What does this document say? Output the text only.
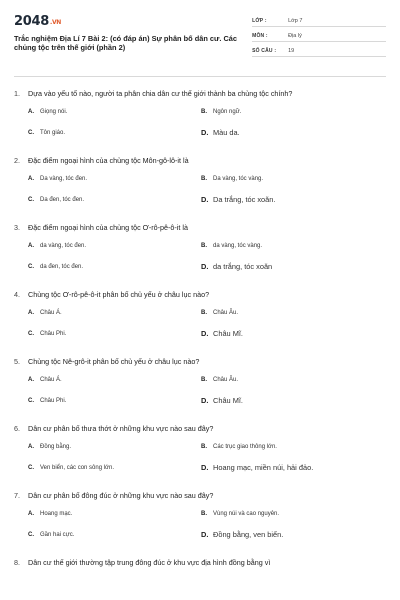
2048.VN
Trắc nghiệm Địa Lí 7 Bài 2: (có đáp án) Sự phân bố dân cư. Các chủng tộc trên thế giới (phần 2)
LỚP :	Lớp 7
MÔN :	Địa lý
SỐ CÂU :	19
1.	Dựa vào yếu tố nào, người ta phân chia dân cư thế giới thành ba chủng tộc chính?
A.	Giọng nói.	B.	Ngôn ngữ.
C.	Tôn giáo.	D. Màu da.
2.	Đặc điểm ngoại hình của chủng tộc Môn-gô-lô-it là
A.	Da vàng, tóc đen.	B.	Da vàng, tóc vàng.
C.	Da đen, tóc đen.	D. Da trắng, tóc xoăn.
3.	Đặc điểm ngoại hình của chủng tộc Ơ-rô-pê-ô-it là
A.	da vàng, tóc đen.	B.	da vàng, tóc vàng.
C.	da đen, tóc đen.	D. da trắng, tóc xoăn
4.	Chủng tộc Ơ-rô-pê-ô-it phân bố chủ yếu ở châu lục nào?
A.	Châu Á.	B.	Châu Âu.
C.	Châu Phi.	D. Châu Mĩ.
5.	Chủng tộc Nê-grô-it phân bố chủ yếu ở châu lục nào?
A.	Châu Á.	B.	Châu Âu.
C.	Châu Phi.	D. Châu Mĩ.
6.	Dân cư phân bố thưa thớt ở những khu vực nào sau đây?
A.	Đồng bằng.	B.	Các trục giao thông lớn.
C.	Ven biển, các con sông lớn.	D. Hoang mạc, miền núi, hải đảo.
7.	Dân cư phân bố đông đúc ở những khu vực nào sau đây?
A.	Hoang mạc.	B.	Vùng núi và cao nguyên.
C.	Gần hai cực.	D. Đồng bằng, ven biển.
8.	Dân cư thế giới thường tập trung đông đúc ở khu vực địa hình đồng bằng vì
